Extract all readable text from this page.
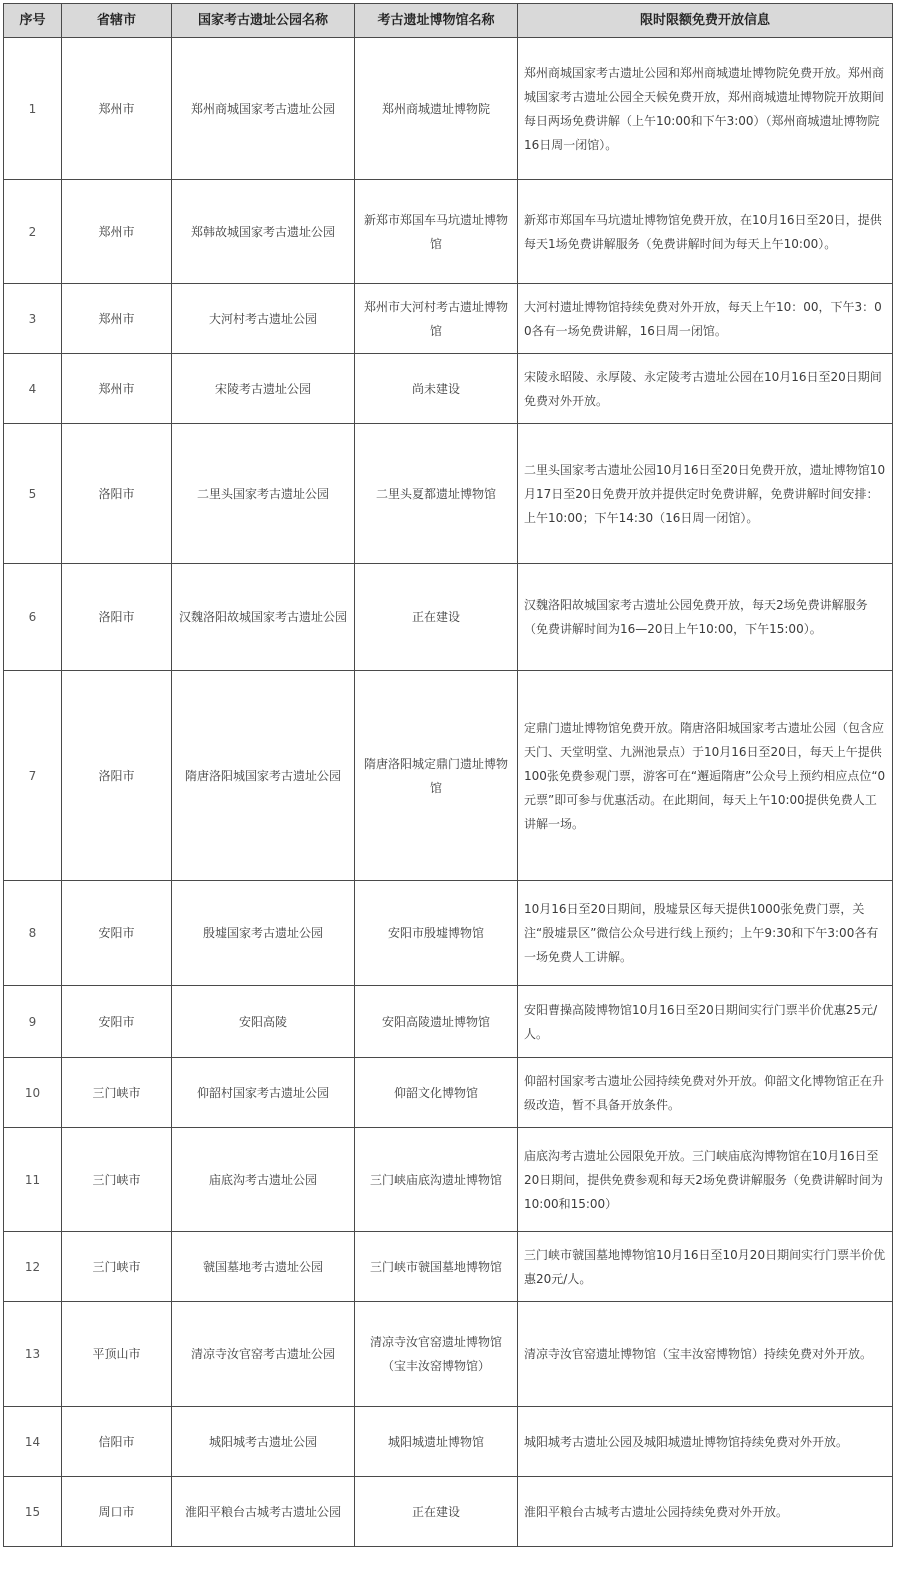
序号	省辖市	国家考古遗址公园名称	考古遗址博物馆名称	限时限额免费开放信息
1	郑州市	郑州商城国家考古遗址公园	郑州商城遗址博物院	郑州商城国家考古遗址公园和郑州商城遗址博物院免费开放。郑州商城国家考古遗址公园全天候免费开放，郑州商城遗址博物院开放期间每日两场免费讲解（上午10:00和下午3:00）（郑州商城遗址博物院16日周一闭馆）。
2	郑州市	郑韩故城国家考古遗址公园	新郑市郑国车马坑遗址博物馆	新郑市郑国车马坑遗址博物馆免费开放，在10月16日至20日，提供每天1场免费讲解服务（免费讲解时间为每天上午10:00）。
3	郑州市	大河村考古遗址公园	郑州市大河村考古遗址博物馆	大河村遗址博物馆持续免费对外开放，每天上午10：00，下午3：00各有一场免费讲解，16日周一闭馆。
4	郑州市	宋陵考古遗址公园	尚未建设	宋陵永昭陵、永厚陵、永定陵考古遗址公园在10月16日至20日期间免费对外开放。
5	洛阳市	二里头国家考古遗址公园	二里头夏都遗址博物馆	二里头国家考古遗址公园10月16日至20日免费开放，遗址博物馆10月17日至20日免费开放并提供定时免费讲解，免费讲解时间安排：上午10:00；下午14:30（16日周一闭馆）。
6	洛阳市	汉魏洛阳故城国家考古遗址公园	正在建设	汉魏洛阳故城国家考古遗址公园免费开放，每天2场免费讲解服务（免费讲解时间为16—20日上午10:00，下午15:00）。
7	洛阳市	隋唐洛阳城国家考古遗址公园	隋唐洛阳城定鼎门遗址博物馆	定鼎门遗址博物馆免费开放。隋唐洛阳城国家考古遗址公园（包含应天门、天堂明堂、九洲池景点）于10月16日至20日，每天上午提供100张免费参观门票，游客可在“邂逅隋唐”公众号上预约相应点位“0元票”即可参与优惠活动。在此期间，每天上午10:00提供免费人工讲解一场。
8	安阳市	殷墟国家考古遗址公园	安阳市殷墟博物馆	10月16日至20日期间，殷墟景区每天提供1000张免费门票，关注“殷墟景区”微信公众号进行线上预约；上午9:30和下午3:00各有一场免费人工讲解。
9	安阳市	安阳高陵	安阳高陵遗址博物馆	安阳曹操高陵博物馆10月16日至20日期间实行门票半价优惠25元/人。
10	三门峡市	仰韶村国家考古遗址公园	仰韶文化博物馆	仰韶村国家考古遗址公园持续免费对外开放。仰韶文化博物馆正在升级改造，暂不具备开放条件。
11	三门峡市	庙底沟考古遗址公园	三门峡庙底沟遗址博物馆	庙底沟考古遗址公园限免开放。三门峡庙底沟博物馆在10月16日至20日期间，提供免费参观和每天2场免费讲解服务（免费讲解时间为10:00和15:00）
12	三门峡市	虢国墓地考古遗址公园	三门峡市虢国墓地博物馆	三门峡市虢国墓地博物馆10月16日至10月20日期间实行门票半价优惠20元/人。
13	平顶山市	清凉寺汝官窑考古遗址公园	清凉寺汝官窑遗址博物馆（宝丰汝窑博物馆）	清凉寺汝官窑遗址博物馆（宝丰汝窑博物馆）持续免费对外开放。
14	信阳市	城阳城考古遗址公园	城阳城遗址博物馆	城阳城考古遗址公园及城阳城遗址博物馆持续免费对外开放。
15	周口市	淮阳平粮台古城考古遗址公园	正在建设	淮阳平粮台古城考古遗址公园持续免费对外开放。
